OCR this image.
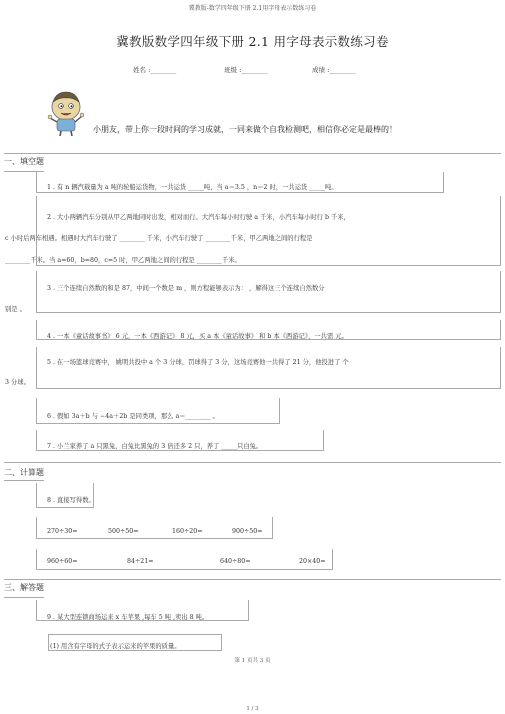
冀教版-数学四年级下册 2.1用字母表示数练习卷
冀教版数学四年级下册 2.1 用字母表示数练习卷
姓名 :________	班级 :________	成绩 :________
小朋友，带上你一段时间的学习成就，一同来做个自我检测吧，相信你必定是最棒的！
一、填空题
1 . 有 n 辆汽载量为 a 吨的轮船运货物，一共运货 _____吨，当 a＝3.5 ，n＝2 时，一共运货 _____吨。
2 . 大小两辆汽车分别从甲乙两地同时出发，相对而行。大汽车每小时行驶 a 千米，小汽车每小时行 b 千米，
c 小时后两车相遇。相遇时大汽车行驶了 ________ 千米，小汽车行驶了 ________千米，甲乙两地之间的行程是
________千米。当 a=60，b=80，c=5 时，甲乙两地之间的行程是 ________千米。
3 . 三个连续自然数的和是 87，中间一个数是 m ，则方程能够表示为： ，解得这三个连续自然数分
别是 。
4 . 一本《童话故事书》 6 元，一本《西游记》 8 元，买 a 本《童话故事》 和 b 本《西游记》，一共需 元。
5 . 在一场篮球竞赛中， 姚明共投中 a 个 3 分球，罚球得了 3 分，这场竞赛他一共得了 21 分，他投进了 个
3 分球。
6 . 假如 3a＋b 与 −4a＋2b 是同类项，那么 a＝________ 。
7 . 小兰家养了 a 只黑兔，白兔比黑兔的 3 倍还多 2 只，养了 _____只白兔。
二、计算题
8 . 直接写得数。
270÷30=	500÷50=	160÷20=	900÷50=
960÷60=	84÷21=	640÷80=	20×40=
三、解答题
9 . 某大型连锁商场运来 x 车苹果 ,每车 5 吨 ,卖出 8 吨。
(1) 用含有字母的式子表示运来的苹果的质量。
第 1 页共 3 页
1 / 3
